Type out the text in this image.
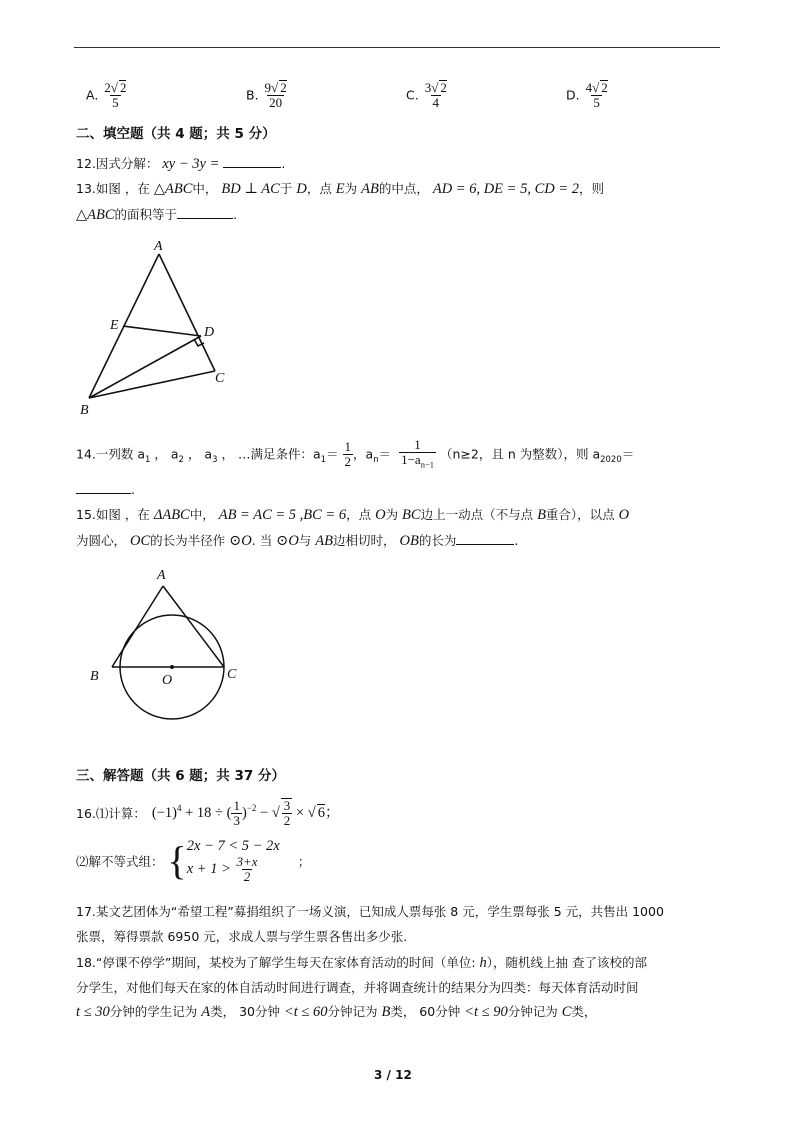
A. $\frac{2√ 2}{5}$	B. $\frac{9√ 2}{20}$	C. $\frac{3√ 2}{4}$	D. $\frac{4√ 2}{5}$
二、填空题（共 4 题；共 5 分）
12.因式分解： xy − 3y =	.
13.如图 ，在 △ABC中， BD ⊥ AC于 D，点 E为 AB的中点， AD = 6, DE = 5, CD = 2，则
△ABC的面积等于	.
A
E	D
C
B
14.一列数 $a_1$ ， $a_2$ ， $a_3$ ， …满足条件：$a_1= \frac{1}{2}$ ，$a_n= \frac{1}{1-a_{n-1}} (n\ge 2$，且 n 为整数），则 $a_{2020}=$
.
15.如图 ，在 ΔABC中， AB = AC = 5 ,BC = 6，点 O为 BC边上一动点（不与点 B重合），以点 O
为圆心， OC的长为半径作 ⊙O. 当 ⊙O与 AB边相切时， OB的长为	.
A
B	C
O
三、解答题（共 6 题；共 37 分）
16.⑴计算： $(-1)^4 + 18$ ÷ ( $\frac{1}{3} )^{-2}$ − √ $\frac{3}{2}$ × √ 6；
⑵解不等式组： { 2x − 7 < 5 − 2x
$x + 1 > \frac{3+x}{2}$	；
17.某文艺团体为“希望工程”募捐组织了一场义演，已知成人票每张 8 元，学生票每张 5 元，共售出 1000
张票，筹得票款 6950 元，求成人票与学生票各售出多少张.
18.“停课不停学”期间，某校为了解学生每天在家体育活动的时间（单位: h），随机线上抽 查了该校的部
分学生，对他们每天在家的体自活动时间进行调查，并将调查统计的结果分为四类：每天体育活动时间
t ≤ 30分钟的学生记为 A类， 30分钟 <t ≤ 60分钟记为 B类， 60分钟 <t ≤ 90分钟记为 C类，
3 / 12
